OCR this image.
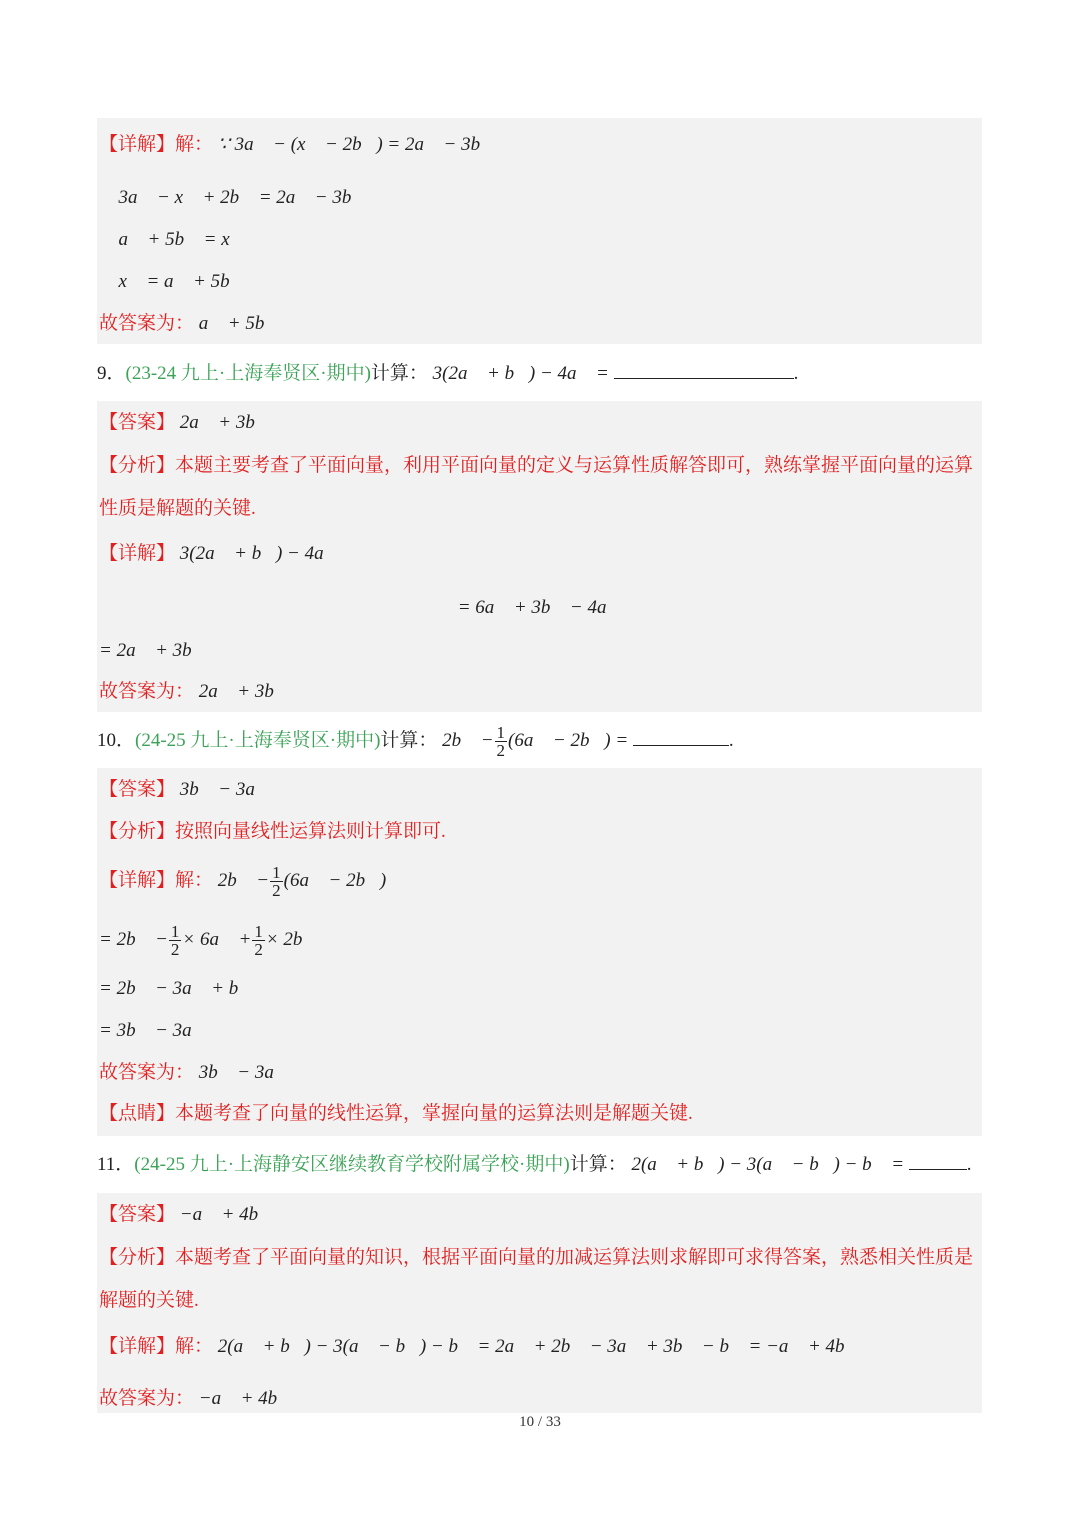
【详解】解： ∵ 3a⃗ − (x⃗ − 2b⃗) = 2a⃗ − 3b⃗
∴ 3a⃗ − x⃗ + 2b⃗ = 2a⃗ − 3b⃗
∴ a⃗ + 5b⃗ = x⃗
∴ x⃗ = a⃗ + 5b⃗
故答案为： a⃗ + 5b⃗
9．(23-24 九上·上海奉贤区·期中)计算： 3(2a⃗ + b⃗) − 4a⃗ =	.
【答案】 2a⃗ + 3b⃗
【分析】本题主要考查了平面向量，利用平面向量的定义与运算性质解答即可，熟练掌握平面向量的运算性质是解题的关键.
【详解】 3(2a⃗ + b⃗) − 4a⃗
= 6a⃗ + 3b⃗ − 4a⃗
= 2a⃗ + 3b⃗；
故答案为： 2a⃗ + 3b⃗．
10．(24-25 九上·上海奉贤区·期中)计算： 2b⃗ − $\frac{1}{2}$ (6a⃗ − 2b⃗) =	.
【答案】 3b⃗ − 3a⃗
【分析】按照向量线性运算法则计算即可.
【详解】解： 2b⃗ − $\frac{1}{2}$ (6a⃗ − 2b⃗)，
= 2b⃗ − $\frac{1}{2}$ × 6a⃗ + $\frac{1}{2}$ × 2b⃗，
= 2b⃗ − 3a⃗ + b⃗，
= 3b⃗ − 3a⃗，
故答案为： 3b⃗ − 3a⃗．
【点睛】本题考查了向量的线性运算，掌握向量的运算法则是解题关键.
11．(24-25 九上·上海静安区继续教育学校附属学校·期中)计算： 2(a⃗ + b⃗) − 3(a⃗ − b⃗) − b⃗ =	.
【答案】 −a⃗ + 4b⃗
【分析】本题考查了平面向量的知识，根据平面向量的加减运算法则求解即可求得答案，熟悉相关性质是解题的关键.
【详解】解： 2(a⃗ + b⃗) − 3(a⃗ − b⃗) − b⃗ = 2a⃗ + 2b⃗ − 3a⃗ + 3b⃗ − b⃗ = −a⃗ + 4b⃗
故答案为： −a⃗ + 4b⃗．
10 / 33
